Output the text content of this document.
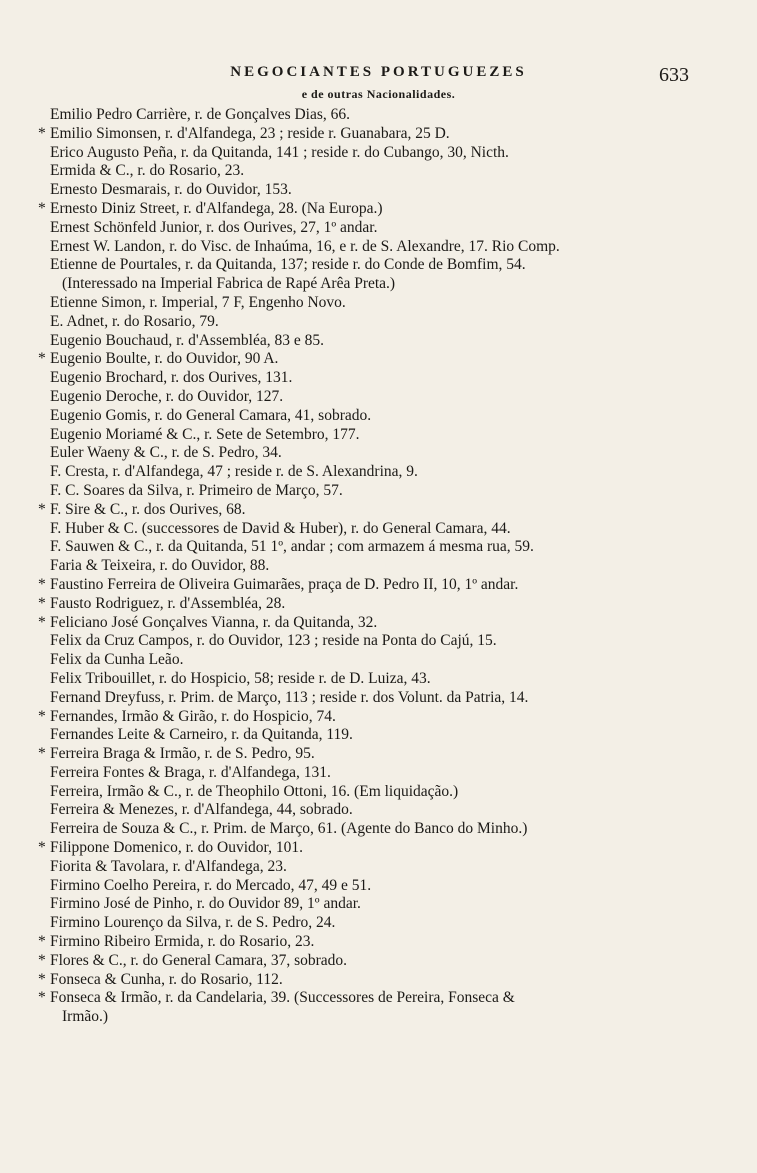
NEGOCIANTES PORTUGUEZES
e de outras Nacionalidades.
633
Emilio Pedro Carrière, r. de Gonçalves Dias, 66.
* Emilio Simonsen, r. d'Alfandega, 23 ; reside r. Guanabara, 25 D.
Erico Augusto Peña, r. da Quitanda, 141 ; reside r. do Cubango, 30, Nicth.
Ermida & C., r. do Rosario, 23.
Ernesto Desmarais, r. do Ouvidor, 153.
* Ernesto Diniz Street, r. d'Alfandega, 28. (Na Europa.)
Ernest Schönfeld Junior, r. dos Ourives, 27, 1º andar.
Ernest W. Landon, r. do Visc. de Inhaúma, 16, e r. de S. Alexandre, 17. Rio Comp.
Etienne de Pourtales, r. da Quitanda, 137; reside r. do Conde de Bomfim, 54.
(Interessado na Imperial Fabrica de Rapé Arêa Preta.)
Etienne Simon, r. Imperial, 7 F, Engenho Novo.
E. Adnet, r. do Rosario, 79.
Eugenio Bouchaud, r. d'Assembléa, 83 e 85.
* Eugenio Boulte, r. do Ouvidor, 90 A.
Eugenio Brochard, r. dos Ourives, 131.
Eugenio Deroche, r. do Ouvidor, 127.
Eugenio Gomis, r. do General Camara, 41, sobrado.
Eugenio Moriamé & C., r. Sete de Setembro, 177.
Euler Waeny & C., r. de S. Pedro, 34.
F. Cresta, r. d'Alfandega, 47 ; reside r. de S. Alexandrina, 9.
F. C. Soares da Silva, r. Primeiro de Março, 57.
* F. Sire & C., r. dos Ourives, 68.
F. Huber & C. (successores de David & Huber), r. do General Camara, 44.
F. Sauwen & C., r. da Quitanda, 51 1º, andar ; com armazem á mesma rua, 59.
Faria & Teixeira, r. do Ouvidor, 88.
* Faustino Ferreira de Oliveira Guimarães, praça de D. Pedro II, 10, 1º andar.
* Fausto Rodriguez, r. d'Assembléa, 28.
* Feliciano José Gonçalves Vianna, r. da Quitanda, 32.
Felix da Cruz Campos, r. do Ouvidor, 123 ; reside na Ponta do Cajú, 15.
Felix da Cunha Leão.
Felix Tribouillet, r. do Hospicio, 58; reside r. de D. Luiza, 43.
Fernand Dreyfuss, r. Prim. de Março, 113 ; reside r. dos Volunt. da Patria, 14.
* Fernandes, Irmão & Girão, r. do Hospicio, 74.
Fernandes Leite & Carneiro, r. da Quitanda, 119.
* Ferreira Braga & Irmão, r. de S. Pedro, 95.
Ferreira Fontes & Braga, r. d'Alfandega, 131.
Ferreira, Irmão & C., r. de Theophilo Ottoni, 16. (Em liquidação.)
Ferreira & Menezes, r. d'Alfandega, 44, sobrado.
Ferreira de Souza & C., r. Prim. de Março, 61. (Agente do Banco do Minho.)
* Filippone Domenico, r. do Ouvidor, 101.
Fiorita & Tavolara, r. d'Alfandega, 23.
Firmino Coelho Pereira, r. do Mercado, 47, 49 e 51.
Firmino José de Pinho, r. do Ouvidor 89, 1º andar.
Firmino Lourenço da Silva, r. de S. Pedro, 24.
* Firmino Ribeiro Ermida, r. do Rosario, 23.
* Flores & C., r. do General Camara, 37, sobrado.
* Fonseca & Cunha, r. do Rosario, 112.
* Fonseca & Irmão, r. da Candelaria, 39. (Successores de Pereira, Fonseca &
Irmão.)
